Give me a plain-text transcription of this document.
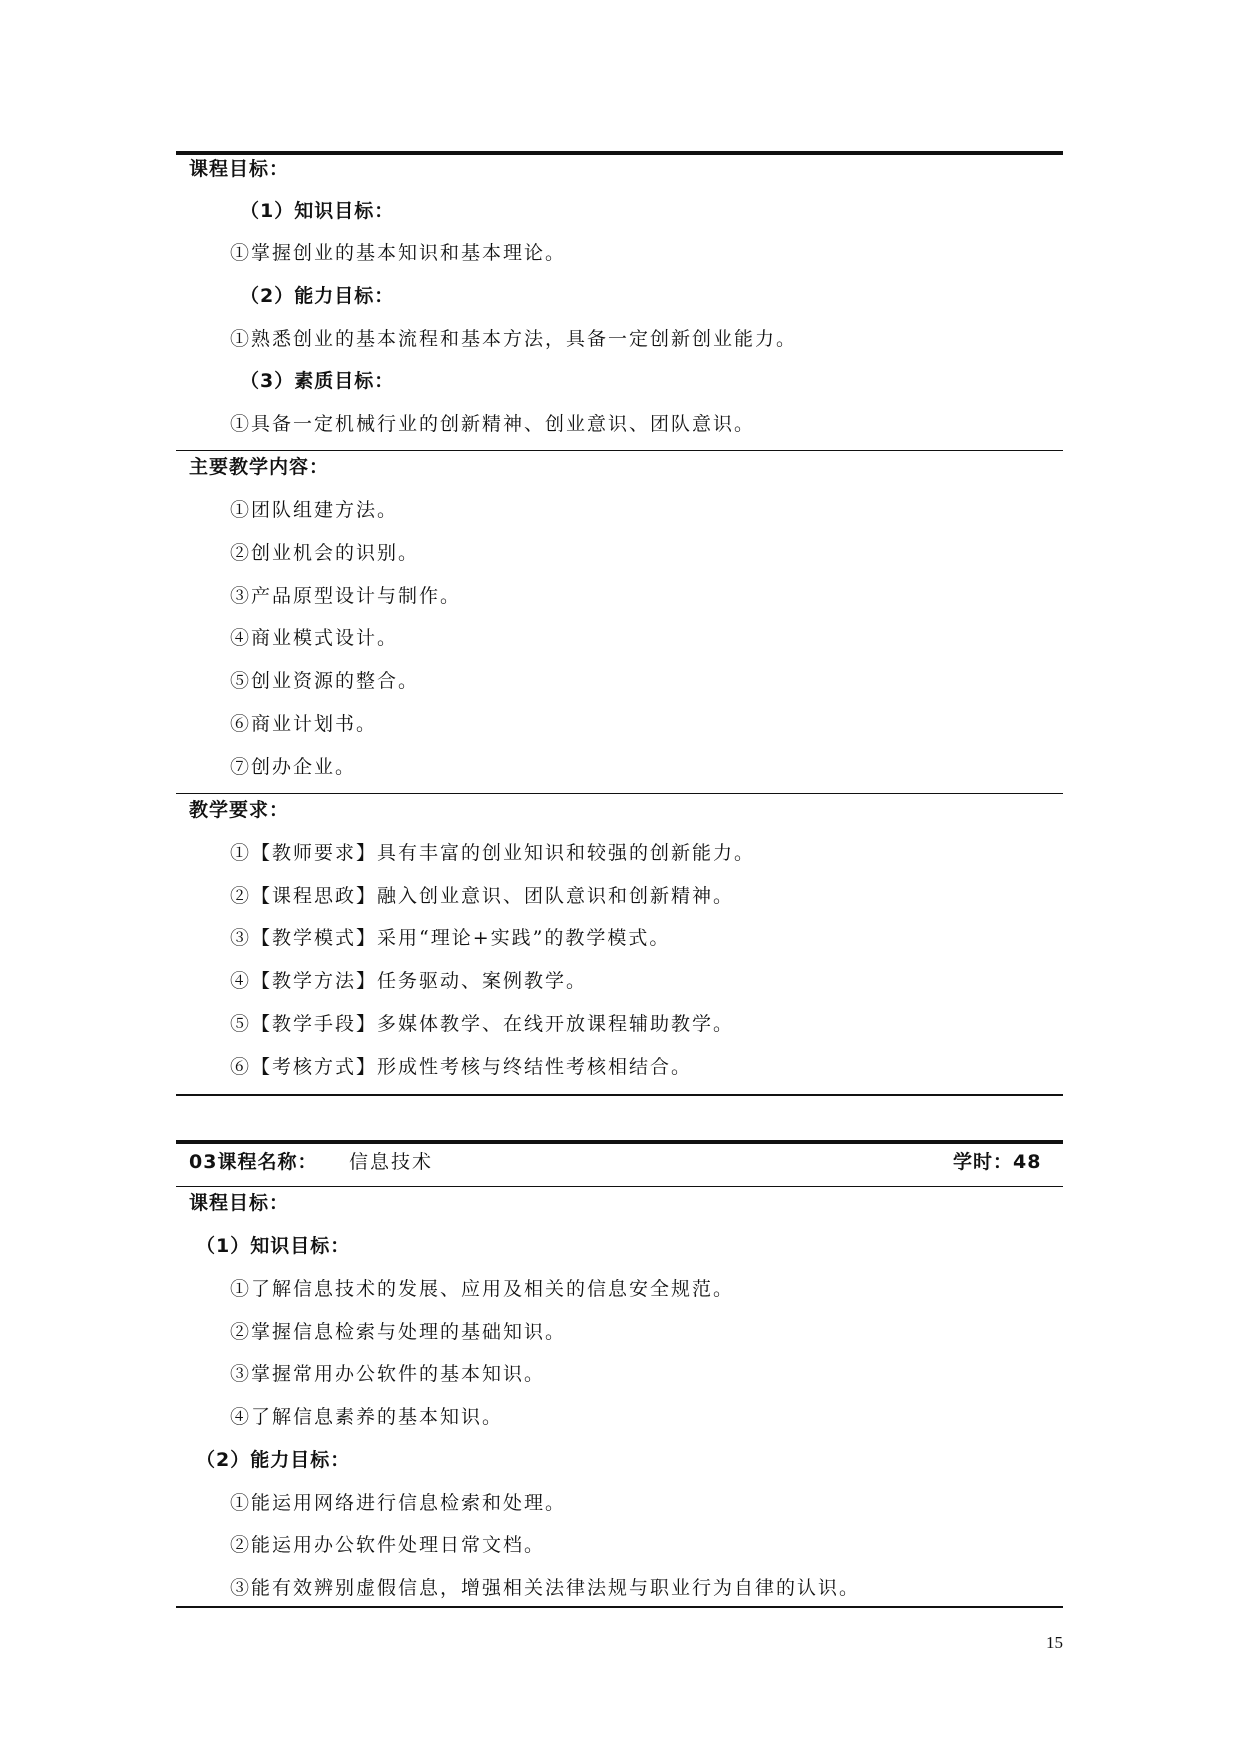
课程目标：
（1）知识目标：
①掌握创业的基本知识和基本理论。
（2）能力目标：
①熟悉创业的基本流程和基本方法，具备一定创新创业能力。
（3）素质目标：
①具备一定机械行业的创新精神、创业意识、团队意识。
主要教学内容：
①团队组建方法。
②创业机会的识别。
③产品原型设计与制作。
④商业模式设计。
⑤创业资源的整合。
⑥商业计划书。
⑦创办企业。
教学要求：
①【教师要求】具有丰富的创业知识和较强的创新能力。
②【课程思政】融入创业意识、团队意识和创新精神。
③【教学模式】采用“理论+实践”的教学模式。
④【教学方法】任务驱动、案例教学。
⑤【教学手段】多媒体教学、在线开放课程辅助教学。
⑥【考核方式】形成性考核与终结性考核相结合。
03课程名称： 信息技术	学时：48
课程目标：
（1）知识目标：
①了解信息技术的发展、应用及相关的信息安全规范。
②掌握信息检索与处理的基础知识。
③掌握常用办公软件的基本知识。
④了解信息素养的基本知识。
（2）能力目标：
①能运用网络进行信息检索和处理。
②能运用办公软件处理日常文档。
③能有效辨别虚假信息，增强相关法律法规与职业行为自律的认识。
15
